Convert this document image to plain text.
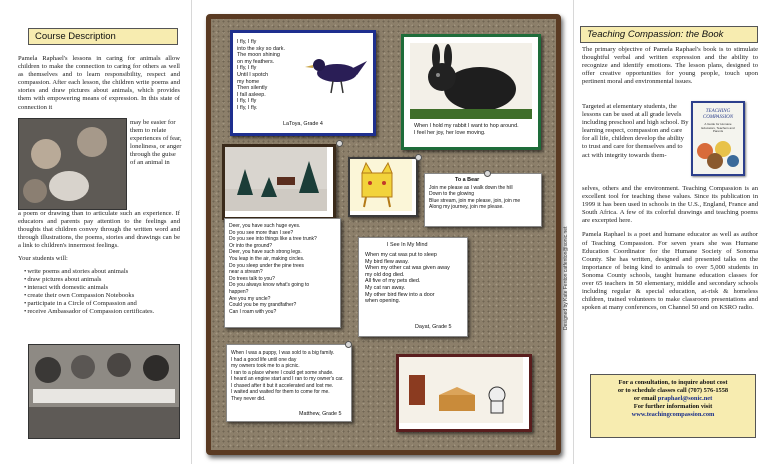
Course Description

Pamela Raphael's lessons in caring for animals allow children to make the connection to caring for others as well as themselves and to learn responsibility, respect and compassion. After each lesson, the children write poems and stories and draw pictures about animals, which provides them with empowering means of expression. In this state of connection it

may be easier for them to relate experiences of fear, loneliness, or anger through the guise of an animal in

a poem or drawing than to articulate such an experience. If educators and parents pay attention to the feelings and thoughts that children convey through the written word and through illustrations, the poems, stories and drawings can be a link to children's innermost feelings.

Your students will:

• write poems and stories about animals
• draw pictures about animals
• interact with domestic animals
• create their own Compassion Notebooks
• participate in a Circle of Compassion and
• receive Ambassador of Compassion certificates.
I fly, I fly
into the sky so dark.
The moon shining
on my feathers.
I fly, I fly
Until I spotch
my home
Then silently
I fall asleep.
I fly, I fly
I fly, I fly.
LaToya, Grade 4	When I hold my rabbit I want to hop around.
I feel her joy, her love moving.
To a Bear
Join me please as I walk down the hill
Down to the glowing
Blue stream, join me please, join, join me
Along my journey, join me please.
Deer, you have such huge eyes.
Do you see more than I see?
Do you see into things like a tree trunk?
Or into the ground?
Deer, you have such strong legs.
You leap in the air, making circles.
Do you sleep under the pine trees
near a stream?
Do trees talk to you?
Do you always know what's going to
happen?
Are you my uncle?
Could you be my grandfather?
Can I roam with you?
I See In My Mind
When my cat was put to sleep
My bird flew away.
When my other cat was given away
my old dog died.
All five of my pets died.
My cat ran away.
My other bird flew into a door
when opening.
Dayat, Grade 5
When I was a puppy, I was sold to a big family.
I had a good life until one day
my owners took me to a picnic.
I ran to a place where I could get some shade.
I heard an engine start and I ran to my owner's car.
I chased after it but it accelerated and lost me.
I waited and waited for them to come for me.
They never did.
Matthew, Grade 5
Designed by Kate Fenton catfenton@sonic.net
Teaching Compassion: the Book

The primary objective of Pamela Raphael's book is to stimulate thoughtful verbal and written expression and the ability to recognize and identify emotions. The lesson plans, designed to offer creative opportunities for young people, touch upon pertinent moral and environmental issues.

Targeted at elementary students, the lessons can be used at all grade levels including preschool and high school. By learning respect, compassion and care for all life, children develop the ability to trust and care for themselves and to act with integrity towards them-

selves, others and the environment. Teaching Compassion is an excellent tool for teaching these values. Since its publication in 1999 it has been used in schools in the U.S., England, France and South Africa. A few of its colorful drawings and teaching poems are excerpted here.

Pamela Raphael is a poet and humane educator as well as author of Teaching Compassion. For seven years she was Humane Education Coordinator for the Humane Society of Sonoma County. She has written, designed and presented talks on the importance of being kind to animals to over 5,000 students in Sonoma County schools, taught humane education classes for over 65 teachers in 50 elementary, middle and secondary schools including regular & special education, at-risk & homeless children, trained volunteers to make classroom presentations and spoken at many conferences, on Channel 50 and on KSRO radio.

TEACHING COMPASSION
A Guide for Humane Educators, Teachers and Parents
For a consultation, to inquire about cost
or to schedule classes call (707) 576-1558
or email praphael@sonic.net
For further information visit
www.teachingcompassion.com
